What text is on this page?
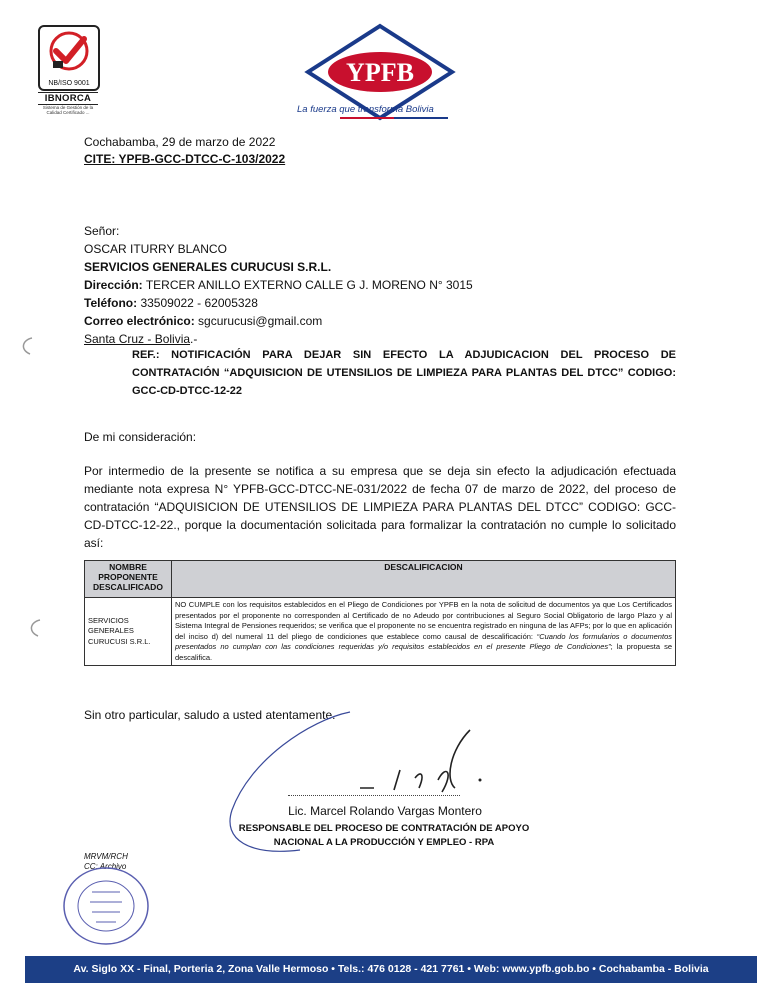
NB/ISO 9001
IBNORCA
Sistema de Gestión de la Calidad Certificado ...
YPFB
La fuerza que transforma Bolivia
Cochabamba, 29 de marzo de 2022
CITE: YPFB-GCC-DTCC-C-103/2022
Señor:
OSCAR ITURRY BLANCO
SERVICIOS GENERALES CURUCUSI S.R.L.
Dirección: TERCER ANILLO EXTERNO CALLE G J. MORENO N° 3015
Teléfono: 33509022 - 62005328
Correo electrónico: sgcurucusi@gmail.com
Santa Cruz - Bolivia.-
REF.: NOTIFICACIÓN PARA DEJAR SIN EFECTO LA ADJUDICACION DEL PROCESO DE CONTRATACIÓN “ADQUISICION DE UTENSILIOS DE LIMPIEZA PARA PLANTAS DEL DTCC” CODIGO: GCC-CD-DTCC-12-22
De mi consideración:
Por intermedio de la presente se notifica a su empresa que se deja sin efecto la adjudicación efectuada mediante nota expresa N° YPFB-GCC-DTCC-NE-031/2022 de fecha 07 de marzo de 2022, del proceso de contratación “ADQUISICION DE UTENSILIOS DE LIMPIEZA PARA PLANTAS DEL DTCC” CODIGO: GCC-CD-DTCC-12-22., porque la documentación solicitada para formalizar la contratación no cumple lo solicitado así:
NOMBRE PROPONENTE DESCALIFICADO	DESCALIFICACION
SERVICIOS GENERALES CURUCUSI S.R.L.	NO CUMPLE con los requisitos establecidos en el Pliego de Condiciones por YPFB en la nota de solicitud de documentos ya que Los Certificados presentados por el proponente no corresponden al Certificado de no Adeudo por contribuciones al Seguro Social Obligatorio de largo Plazo y al Sistema Integral de Pensiones requeridos; se verifica que el proponente no se encuentra registrado en ninguna de las AFPs; por lo que en aplicación del inciso d) del numeral 11 del pliego de condiciones que establece como causal de descalificación: “Cuando los formularios o documentos presentados no cumplan con las condiciones requeridas y/o requisitos establecidos en el presente Pliego de Condiciones”; la propuesta se descalifica.
Sin otro particular, saludo a usted atentamente.
Lic. Marcel Rolando Vargas Montero
RESPONSABLE DEL PROCESO DE CONTRATACIÓN DE APOYO NACIONAL A LA PRODUCCIÓN Y EMPLEO - RPA
MRVM/RCH
CC: Archivo
Av. Siglo XX - Final, Porteria 2, Zona Valle Hermoso • Tels.: 476 0128 - 421 7761 • Web: www.ypfb.gob.bo • Cochabamba - Bolivia
